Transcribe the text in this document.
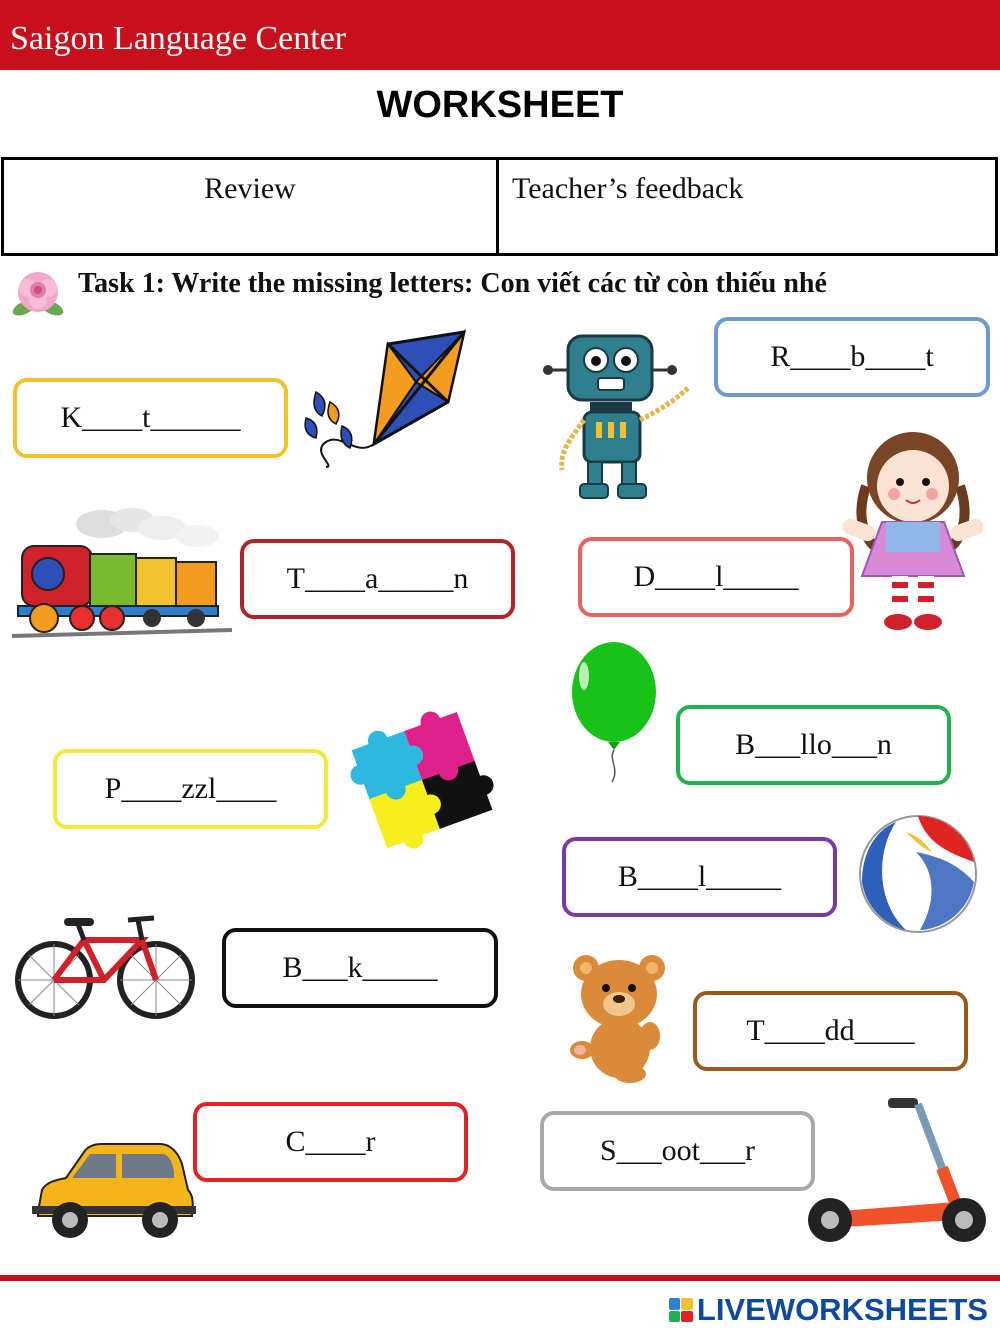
Saigon Language Center
WORKSHEET
Review	Teacher’s feedback
Task 1: Write the missing letters: Con viết các từ còn thiếu nhé
K____t______
R____b____t
T____a_____n	D____l_____
B___llo___n
P____zzl____
B____l_____
B___k_____
T____dd____
C____r	S___oot___r
LIVEWORKSHEETS
